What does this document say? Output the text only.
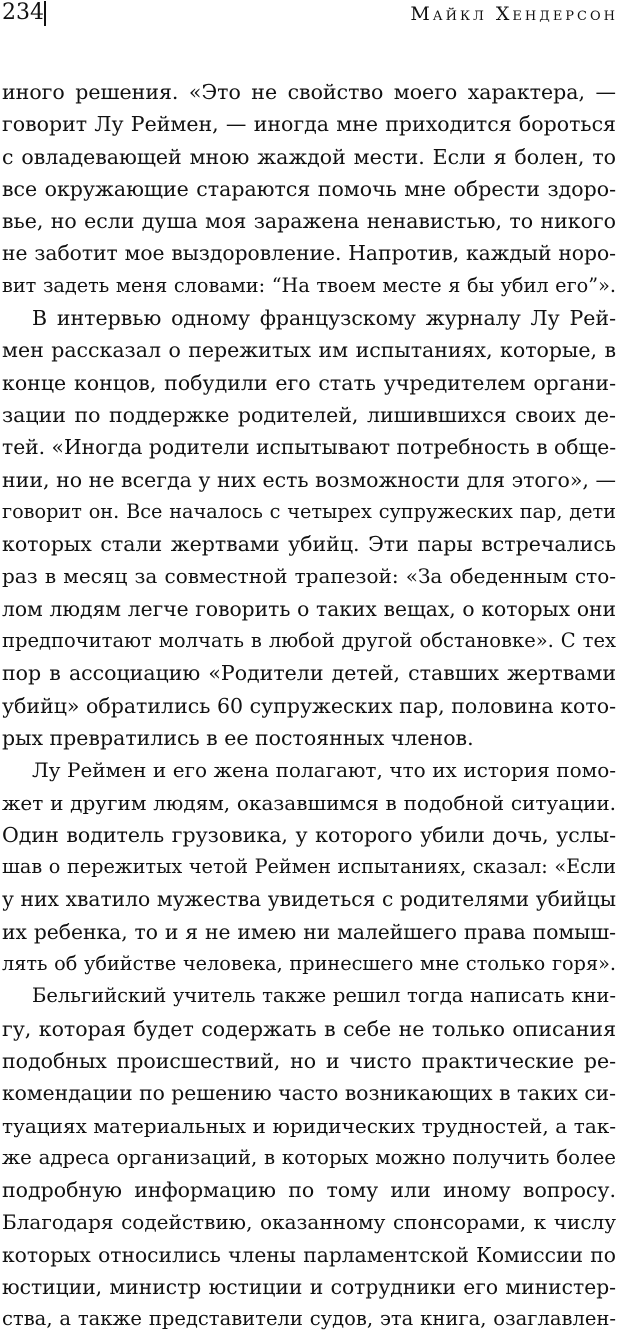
234	Майкл Хендерсон
иного решения. «Это не свойство моего характера, —
говорит Лу Реймен, — иногда мне приходится бороться
с овладевающей мною жаждой мести. Если я болен, то
все окружающие стараются помочь мне обрести здоро-
вье, но если душа моя заражена ненавистью, то никого
не заботит мое выздоровление. Напротив, каждый норо-
вит задеть меня словами: “На твоем месте я бы убил его”».
В интервью одному французскому журналу Лу Рей-
мен рассказал о пережитых им испытаниях, которые, в
конце концов, побудили его стать учредителем органи-
зации по поддержке родителей, лишившихся своих де-
тей. «Иногда родители испытывают потребность в обще-
нии, но не всегда у них есть возможности для этого», —
говорит он. Все началось с четырех супружеских пар, дети
которых стали жертвами убийц. Эти пары встречались
раз в месяц за совместной трапезой: «За обеденным сто-
лом людям легче говорить о таких вещах, о которых они
предпочитают молчать в любой другой обстановке». С тех
пор в ассоциацию «Родители детей, ставших жертвами
убийц» обратились 60 супружеских пар, половина кото-
рых превратились в ее постоянных членов.
Лу Реймен и его жена полагают, что их история помо-
жет и другим людям, оказавшимся в подобной ситуации.
Один водитель грузовика, у которого убили дочь, услы-
шав о пережитых четой Реймен испытаниях, сказал: «Если
у них хватило мужества увидеться с родителями убийцы
их ребенка, то и я не имею ни малейшего права помыш-
лять об убийстве человека, принесшего мне столько горя».
Бельгийский учитель также решил тогда написать кни-
гу, которая будет содержать в себе не только описания
подобных происшествий, но и чисто практические ре-
комендации по решению часто возникающих в таких си-
туациях материальных и юридических трудностей, а так-
же адреса организаций, в которых можно получить более
подробную информацию по тому или иному вопросу.
Благодаря содействию, оказанному спонсорами, к числу
которых относились члены парламентской Комиссии по
юстиции, министр юстиции и сотрудники его министер-
ства, а также представители судов, эта книга, озаглавлен-
